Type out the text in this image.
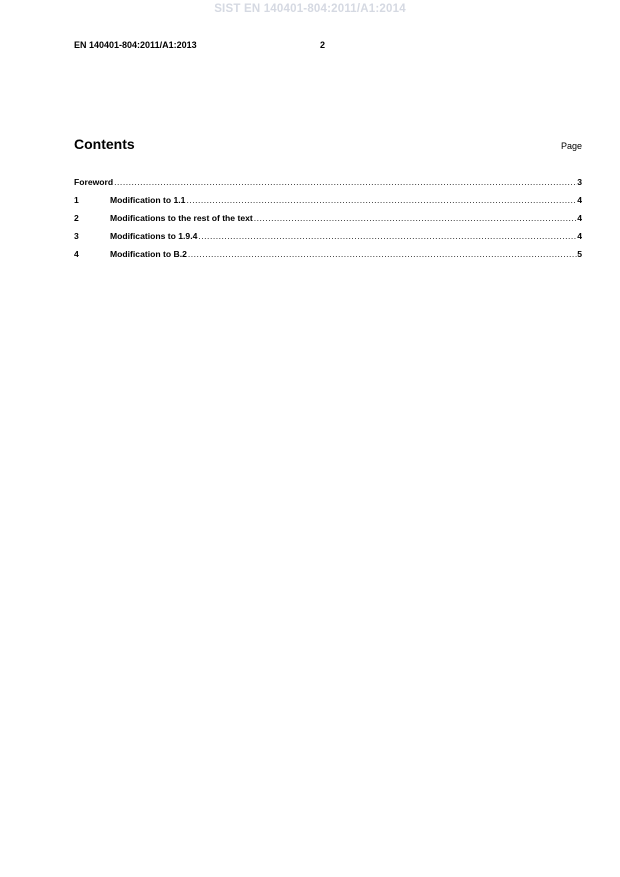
SIST EN 140401-804:2011/A1:2014
EN 140401-804:2011/A1:2013	2
Contents	Page
Foreword .....	3
1	Modification to 1.1 .....	4
2	Modifications to the rest of the text .....	4
3	Modifications to 1.9.4 .....	4
4	Modification to B.2 .....	5
